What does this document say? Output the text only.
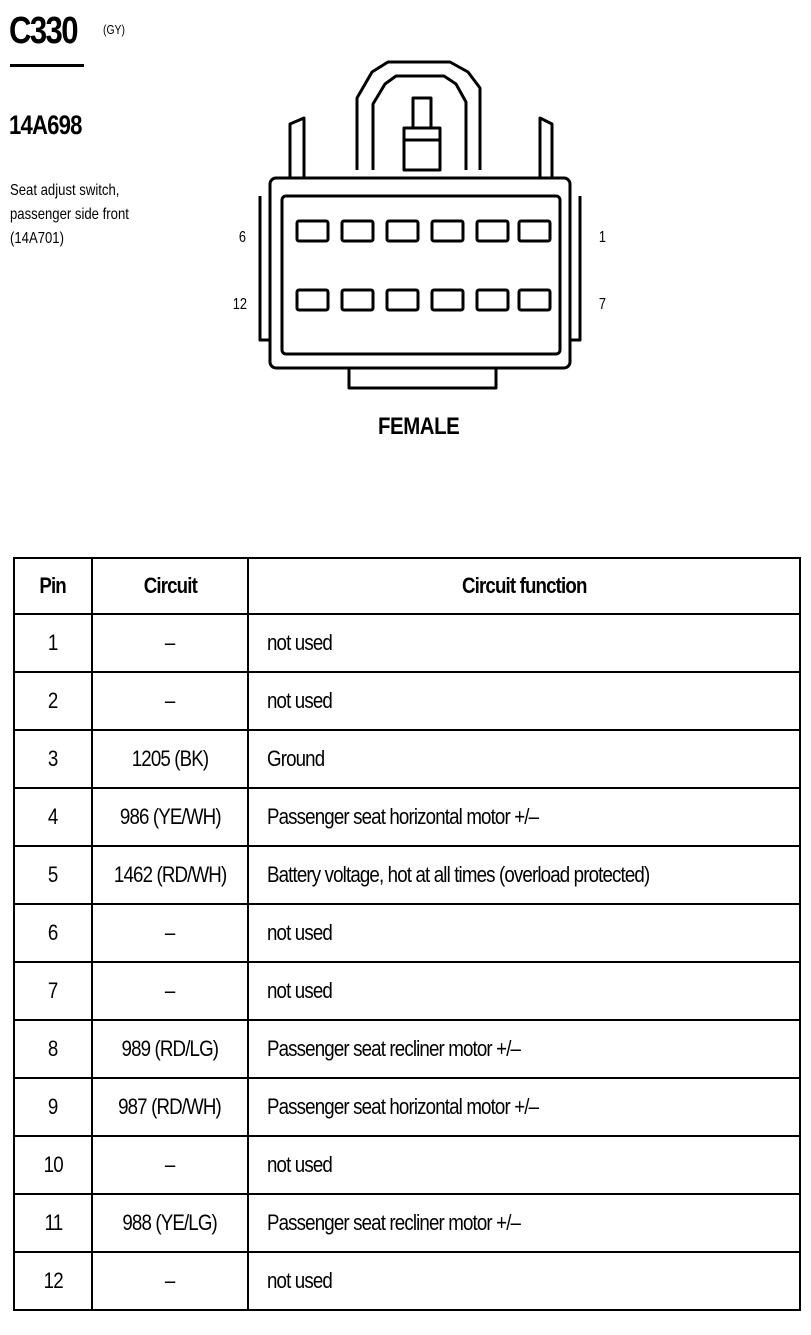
C330 (GY)
14A698
Seat adjust switch,
passenger side front
(14A701)	6	1
12	7
FEMALE
Pin	Circuit	Circuit function
1	–	not used
2	–	not used
3	1205 (BK)	Ground
4	986 (YE/WH)	Passenger seat horizontal motor +/–
5	1462 (RD/WH)	Battery voltage, hot at all times (overload protected)
6	–	not used
7	–	not used
8	989 (RD/LG)	Passenger seat recliner motor +/–
9	987 (RD/WH)	Passenger seat horizontal motor +/–
10	–	not used
11	988 (YE/LG)	Passenger seat recliner motor +/–
12	–	not used
